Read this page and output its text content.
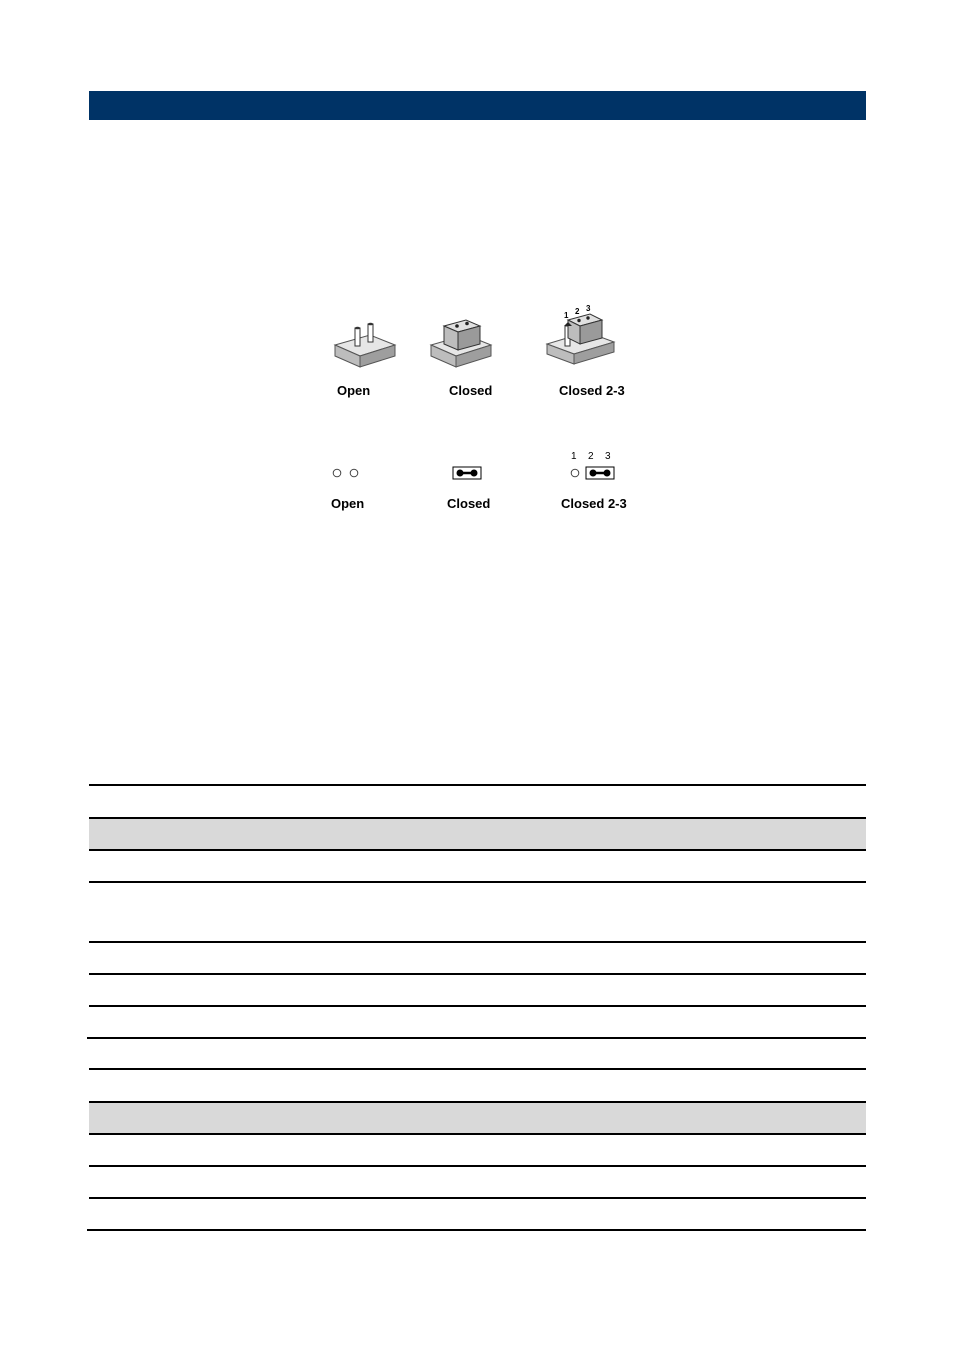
1 2 3
Open	Closed	Closed 2-3
1 2 3
Open	Closed	Closed 2-3
